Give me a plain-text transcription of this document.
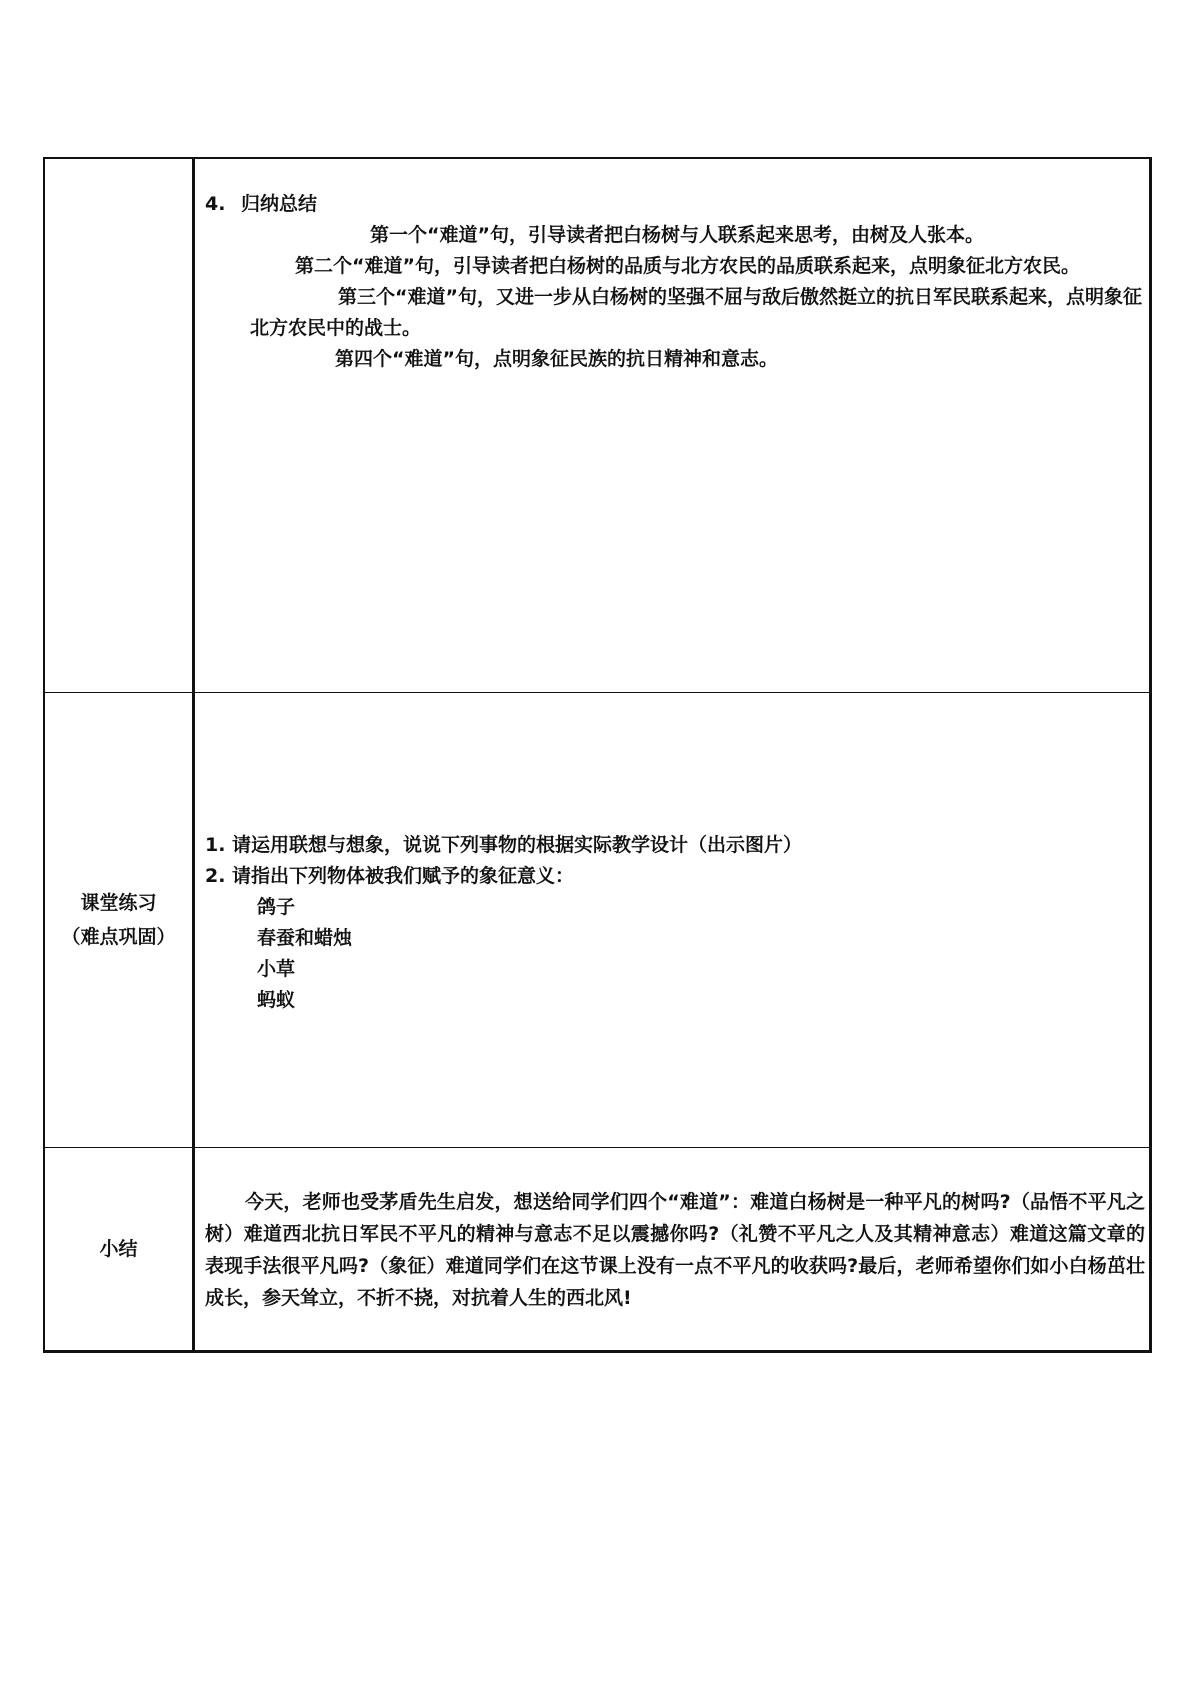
4. 归纳总结

第一个“难道”句，引导读者把白杨树与人联系起来思考，由树及人张本。

第二个“难道”句，引导读者把白杨树的品质与北方农民的品质联系起来，点明象征北方农民。

第三个“难道”句，又进一步从白杨树的坚强不屈与敌后傲然挺立的抗日军民联系起来，点明象征北方农民中的战士。

第四个“难道”句，点明象征民族的抗日精神和意志。

课堂练习
（难点巩固）

1. 请运用联想与想象，说说下列事物的根据实际教学设计（出示图片）

2. 请指出下列物体被我们赋予的象征意义：

鸽子

春蚕和蜡烛

小草

蚂蚁

小结

今天，老师也受茅盾先生启发，想送给同学们四个“难道”：难道白杨树是一种平凡的树吗?（品悟不平凡之树）难道西北抗日军民不平凡的精神与意志不足以震撼你吗?（礼赞不平凡之人及其精神意志）难道这篇文章的表现手法很平凡吗?（象征）难道同学们在这节课上没有一点不平凡的收获吗?最后，老师希望你们如小白杨茁壮成长，参天耸立，不折不挠，对抗着人生的西北风!
